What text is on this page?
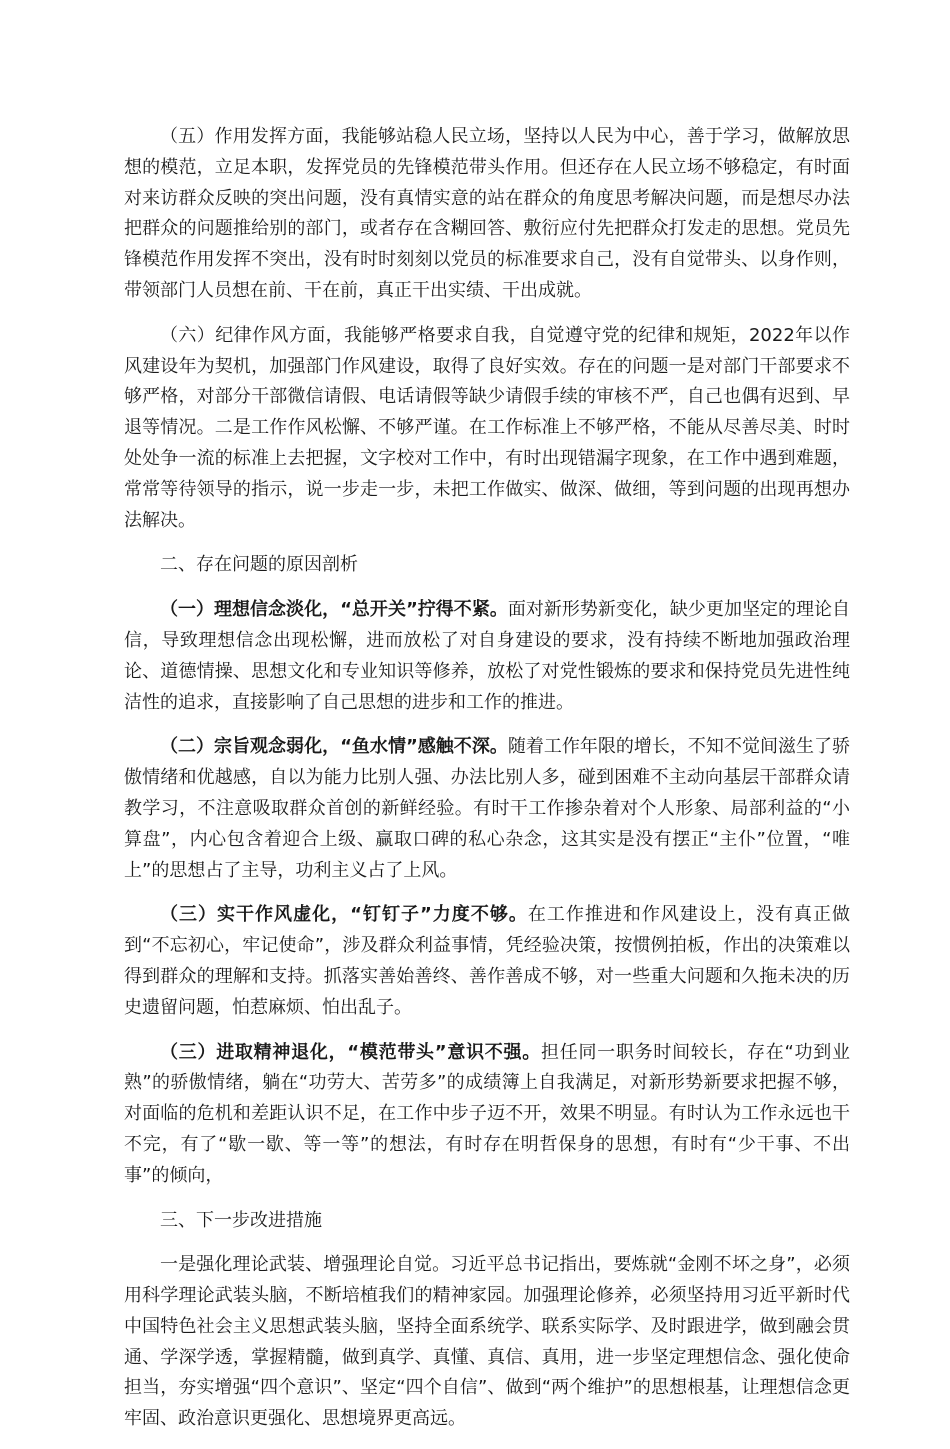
（五）作用发挥方面，我能够站稳人民立场，坚持以人民为中心，善于学习，做解放思想的模范，立足本职，发挥党员的先锋模范带头作用。但还存在人民立场不够稳定，有时面对来访群众反映的突出问题，没有真情实意的站在群众的角度思考解决问题，而是想尽办法把群众的问题推给别的部门，或者存在含糊回答、敷衍应付先把群众打发走的思想。党员先锋模范作用发挥不突出，没有时时刻刻以党员的标准要求自己，没有自觉带头、以身作则，带领部门人员想在前、干在前，真正干出实绩、干出成就。

（六）纪律作风方面，我能够严格要求自我，自觉遵守党的纪律和规矩，2022年以作风建设年为契机，加强部门作风建设，取得了良好实效。存在的问题一是对部门干部要求不够严格，对部分干部微信请假、电话请假等缺少请假手续的审核不严，自己也偶有迟到、早退等情况。二是工作作风松懈、不够严谨。在工作标准上不够严格，不能从尽善尽美、时时处处争一流的标准上去把握，文字校对工作中，有时出现错漏字现象，在工作中遇到难题，常常等待领导的指示，说一步走一步，未把工作做实、做深、做细，等到问题的出现再想办法解决。

二、存在问题的原因剖析

（一）理想信念淡化，“总开关”拧得不紧。面对新形势新变化，缺少更加坚定的理论自信，导致理想信念出现松懈，进而放松了对自身建设的要求，没有持续不断地加强政治理论、道德情操、思想文化和专业知识等修养，放松了对党性锻炼的要求和保持党员先进性纯洁性的追求，直接影响了自己思想的进步和工作的推进。

（二）宗旨观念弱化，“鱼水情”感触不深。随着工作年限的增长，不知不觉间滋生了骄傲情绪和优越感，自以为能力比别人强、办法比别人多，碰到困难不主动向基层干部群众请教学习，不注意吸取群众首创的新鲜经验。有时干工作掺杂着对个人形象、局部利益的“小算盘”，内心包含着迎合上级、赢取口碑的私心杂念，这其实是没有摆正“主仆”位置，“唯上”的思想占了主导，功利主义占了上风。

（三）实干作风虚化，“钉钉子”力度不够。在工作推进和作风建设上，没有真正做到“不忘初心，牢记使命”，涉及群众利益事情，凭经验决策，按惯例拍板，作出的决策难以得到群众的理解和支持。抓落实善始善终、善作善成不够，对一些重大问题和久拖未决的历史遗留问题，怕惹麻烦、怕出乱子。

（三）进取精神退化，“模范带头”意识不强。担任同一职务时间较长，存在“功到业熟”的骄傲情绪，躺在“功劳大、苦劳多”的成绩簿上自我满足，对新形势新要求把握不够，对面临的危机和差距认识不足，在工作中步子迈不开，效果不明显。有时认为工作永远也干不完，有了“歇一歇、等一等”的想法，有时存在明哲保身的思想，有时有“少干事、不出事”的倾向，

三、下一步改进措施

一是强化理论武装、增强理论自觉。习近平总书记指出，要炼就“金刚不坏之身”，必须用科学理论武装头脑，不断培植我们的精神家园。加强理论修养，必须坚持用习近平新时代中国特色社会主义思想武装头脑，坚持全面系统学、联系实际学、及时跟进学，做到融会贯通、学深学透，掌握精髓，做到真学、真懂、真信、真用，进一步坚定理想信念、强化使命担当，夯实增强“四个意识”、坚定“四个自信”、做到“两个维护”的思想根基，让理想信念更牢固、政治意识更强化、思想境界更高远。
